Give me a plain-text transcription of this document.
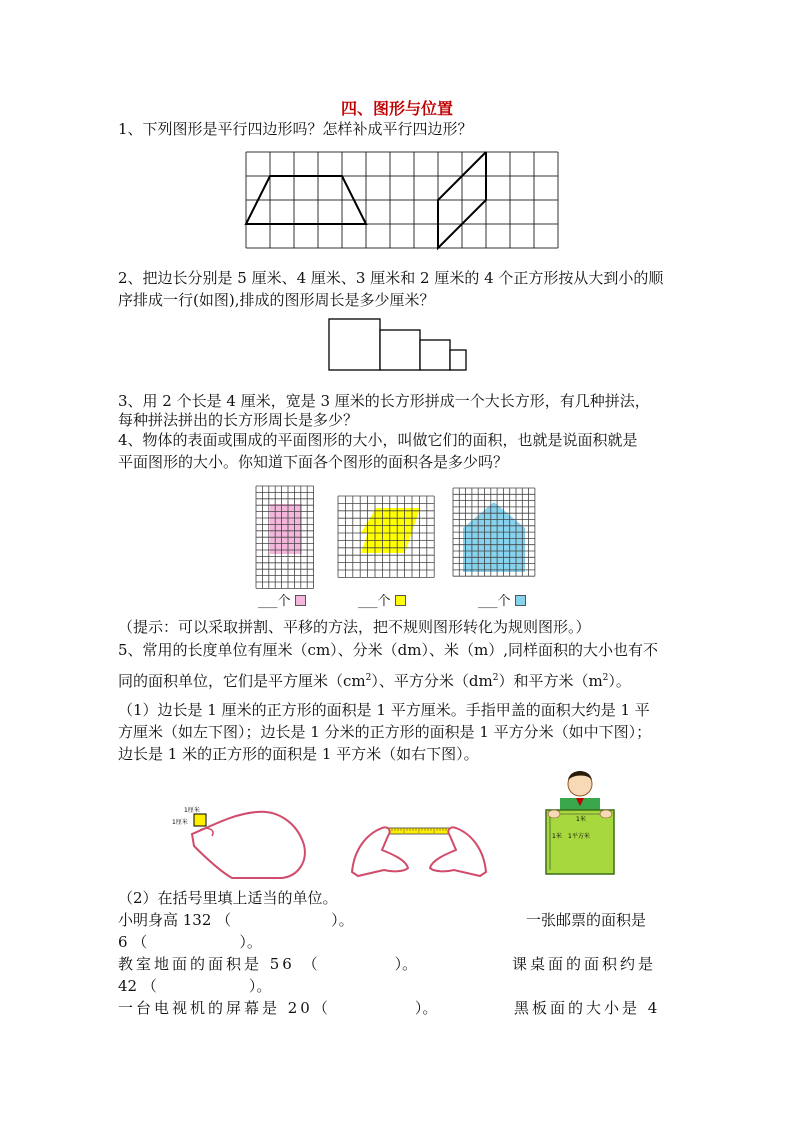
四、图形与位置
1、下列图形是平行四边形吗？怎样补成平行四边形？
2、把边长分别是 5 厘米、4 厘米、3 厘米和 2 厘米的 4 个正方形按从大到小的顺
序排成一行(如图),排成的图形周长是多少厘米？
3、用 2 个长是 4 厘米，宽是 3 厘米的长方形拼成一个大长方形，有几种拼法，
每种拼法拼出的长方形周长是多少？
4、物体的表面或围成的平面图形的大小，叫做它们的面积，也就是说面积就是
平面图形的大小。你知道下面各个图形的面积各是多少吗？
___个	___个	___个
（提示：可以采取拼割、平移的方法，把不规则图形转化为规则图形。）
5、常用的长度单位有厘米（cm）、分米（dm）、米（m）,同样面积的大小也有不
同的面积单位，它们是平方厘米$(cm^2)$、平方分米$(dm^2)$和平方米$(m^2)$。
（1）边长是 1 厘米的正方形的面积是 1 平方厘米。手指甲盖的面积大约是 1 平
方厘米（如左下图）；边长是 1 分米的正方形的面积是 1 平方分米（如中下图）；
边长是 1 米的正方形的面积是 1 平方米（如右下图）。
1厘米
1厘米	1米
1米 1平方米
（2）在括号里填上适当的单位。
小明身高 132 （	）。	一张邮票的面积是
6 （	）。
教室地面的面积是 56 （	）。	课桌面的面积约是
42 （	）。
一台电视机的屏幕是 20（	）。	黑板面的大小是 4
